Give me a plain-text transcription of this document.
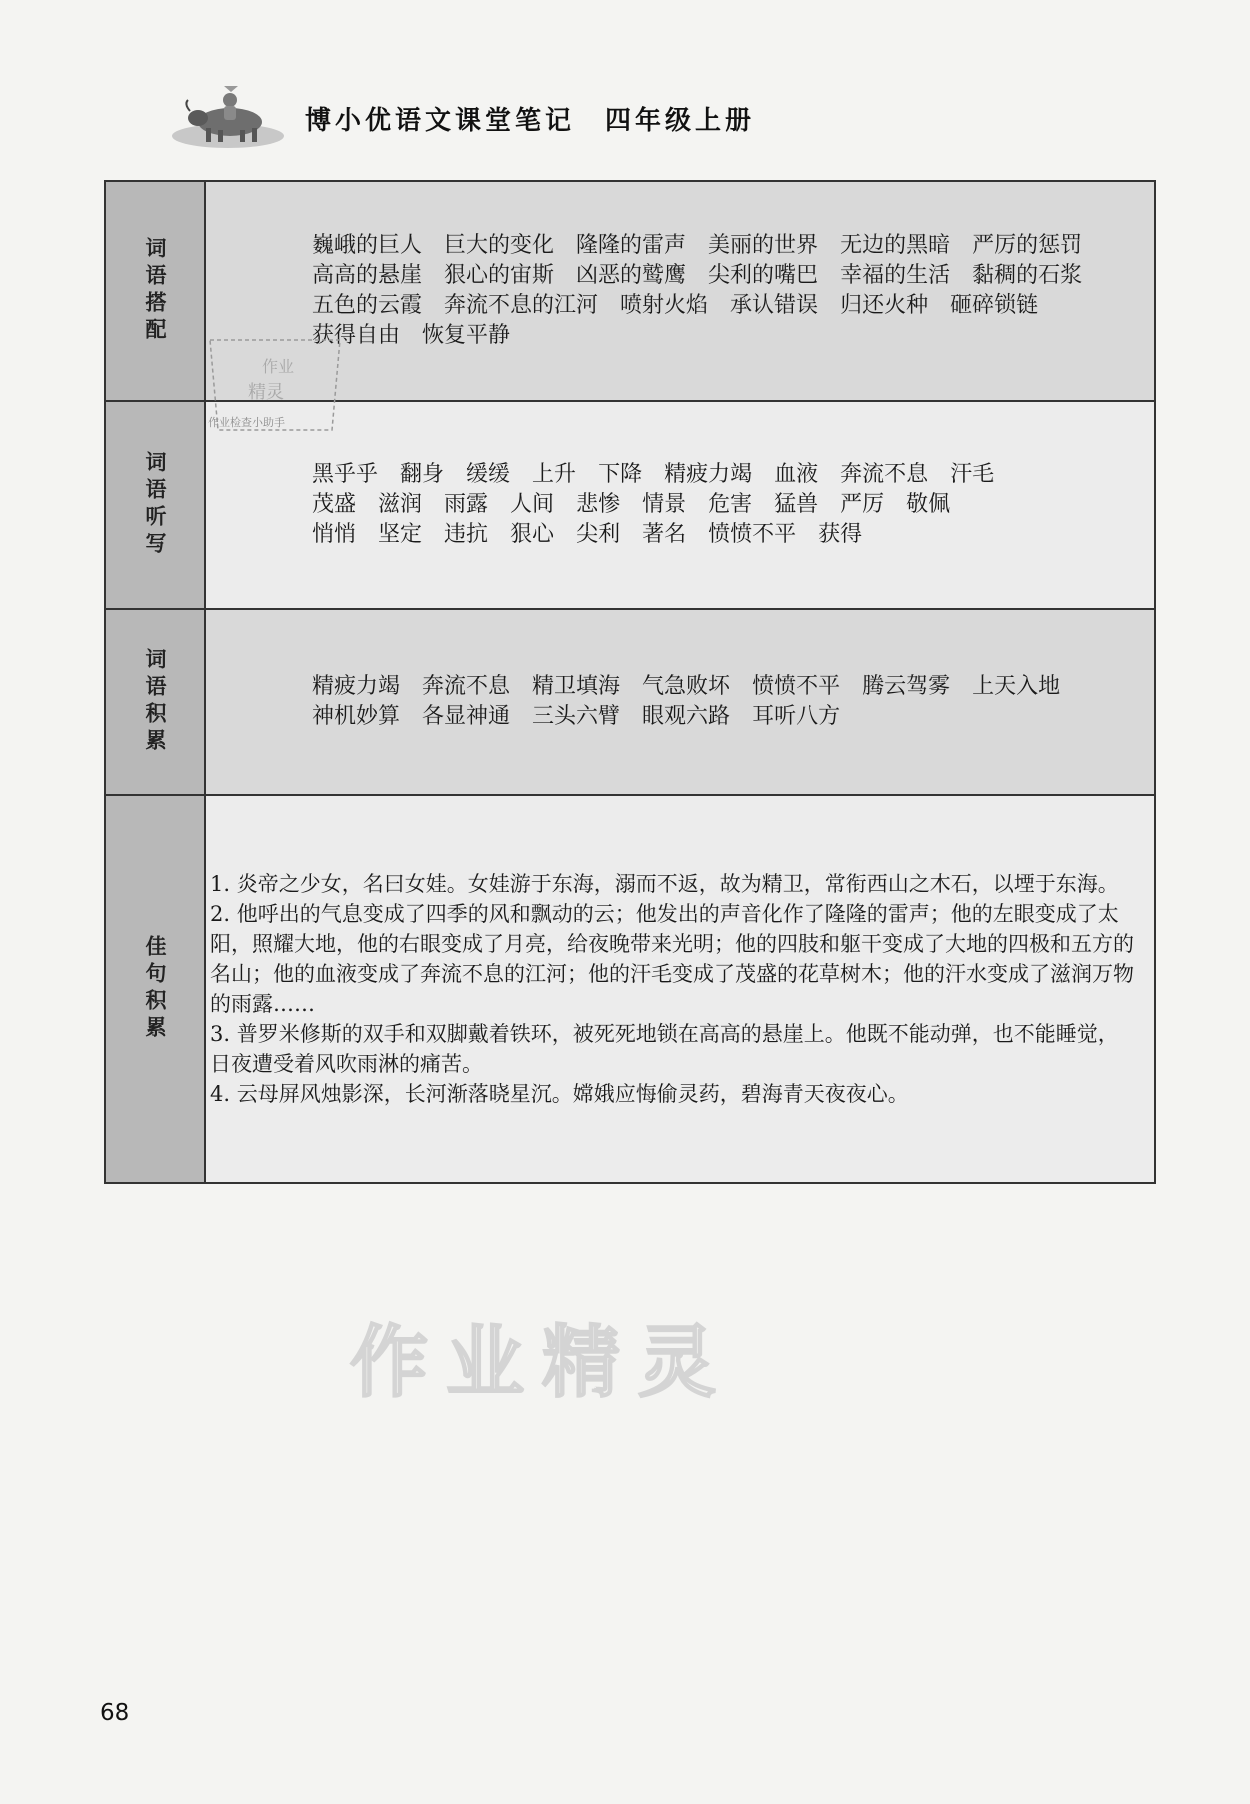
博小优语文课堂笔记 四年级上册
词语搭配	巍峨的巨人 巨大的变化 隆隆的雷声 美丽的世界 无边的黑暗 严厉的惩罚
高高的悬崖 狠心的宙斯 凶恶的鹫鹰 尖利的嘴巴 幸福的生活 黏稠的石浆
五色的云霞 奔流不息的江河 喷射火焰 承认错误 归还火种 砸碎锁链
获得自由 恢复平静
词语听写	黑乎乎 翻身 缓缓 上升 下降 精疲力竭 血液 奔流不息 汗毛
茂盛 滋润 雨露 人间 悲惨 情景 危害 猛兽 严厉 敬佩
悄悄 坚定 违抗 狠心 尖利 著名 愤愤不平 获得
词语积累	精疲力竭 奔流不息 精卫填海 气急败坏 愤愤不平 腾云驾雾 上天入地
神机妙算 各显神通 三头六臂 眼观六路 耳听八方
佳句积累

1. 炎帝之少女，名曰女娃。女娃游于东海，溺而不返，故为精卫，常衔西山之木石，以堙于东海。

2. 他呼出的气息变成了四季的风和飘动的云；他发出的声音化作了隆隆的雷声；他的左眼变成了太阳，照耀大地，他的右眼变成了月亮，给夜晚带来光明；他的四肢和躯干变成了大地的四极和五方的名山；他的血液变成了奔流不息的江河；他的汗毛变成了茂盛的花草树木；他的汗水变成了滋润万物的雨露……

3. 普罗米修斯的双手和双脚戴着铁环，被死死地锁在高高的悬崖上。他既不能动弹，也不能睡觉，日夜遭受着风吹雨淋的痛苦。

4. 云母屏风烛影深，长河渐落晓星沉。嫦娥应悔偷灵药，碧海青天夜夜心。

作业
精灵
作业检查小助手
作业精灵
68
